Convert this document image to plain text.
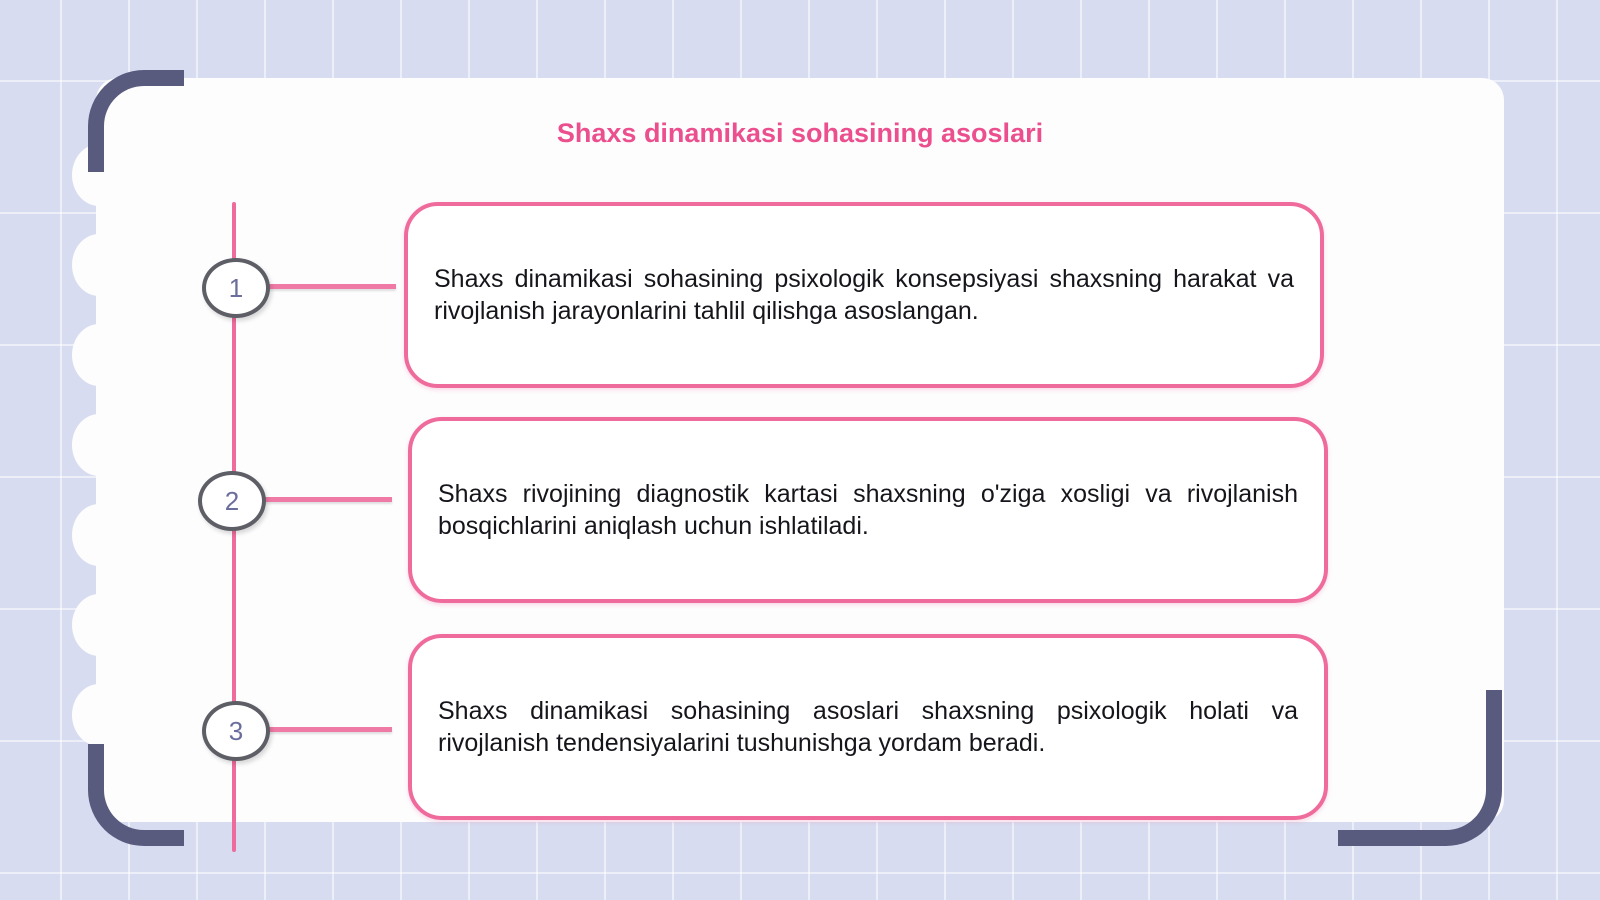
Shaxs dinamikasi sohasining asoslari
1	Shaxs dinamikasi sohasining psixologik konsepsiyasi shaxsning harakat va rivojlanish jarayonlarini tahlil qilishga asoslangan.

2	Shaxs rivojining diagnostik kartasi shaxsning o'ziga xosligi va rivojlanish bosqichlarini aniqlash uchun ishlatiladi.

3

Shaxs dinamikasi sohasining asoslari shaxsning psixologik holati va rivojlanish tendensiyalarini tushunishga yordam beradi.
